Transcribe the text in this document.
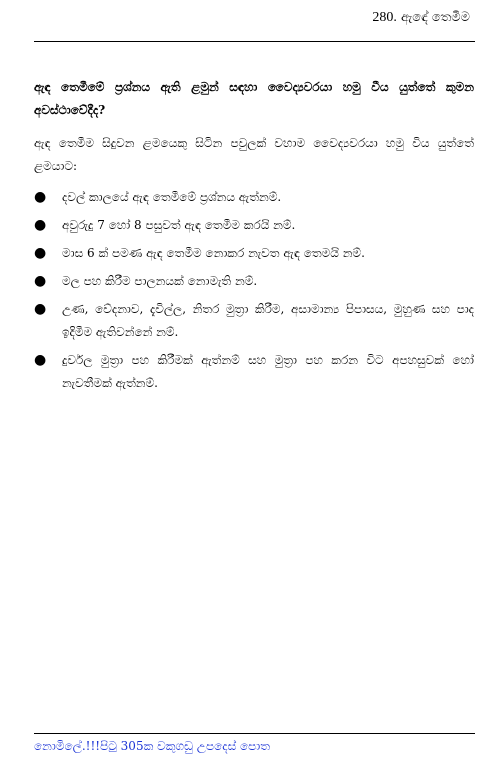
280. ඇඳේ තෙමීම

ඇඳ තෙමීමේ ප්‍රශ්නය ඇති ළමුන් සඳහා වෛද්‍යවරයා හමු වීය යුත්තේ කුමන අවස්ථාවේදීද?

ඇඳ තෙමීම සිදුවන ළමයෙකු සිටින පවුලක් වහාම වෛද්‍යවරයා හමු විය යුත්තේ ළමයාට:

● දවල් කාලයේ ඇඳ තෙමීමේ ප්‍රශ්නය ඇත්නම්.
● අවුරුදු 7 හෝ 8 පසුවත් ඇඳ තෙමීම කරයි නම්.
● මාස 6 ක් පමණ ඇඳ තෙමීම නොකර නැවත ඇඳ තෙමයි නම්.
● මල පහ කිරීම පාලනයක් නොමැති නම්.
● උණ, වේදනාව, දැවිල්ල, නිතර මුත්‍රා කිරීම, අසාමාන්‍ය පිපාසය, මුහුණ සහ පාද ඉදිමීම ඇතිවන්නේ නම්.
● දුර්වල මුත්‍රා පහ කිරීමක් ඇත්නම් සහ මුත්‍රා පහ කරන විට අපහසුවක් හෝ නැවතීමක් ඇත්නම්.
නොමිලේ.!!!පිටු 305ක වකුගඩු උපදෙස් පොත
